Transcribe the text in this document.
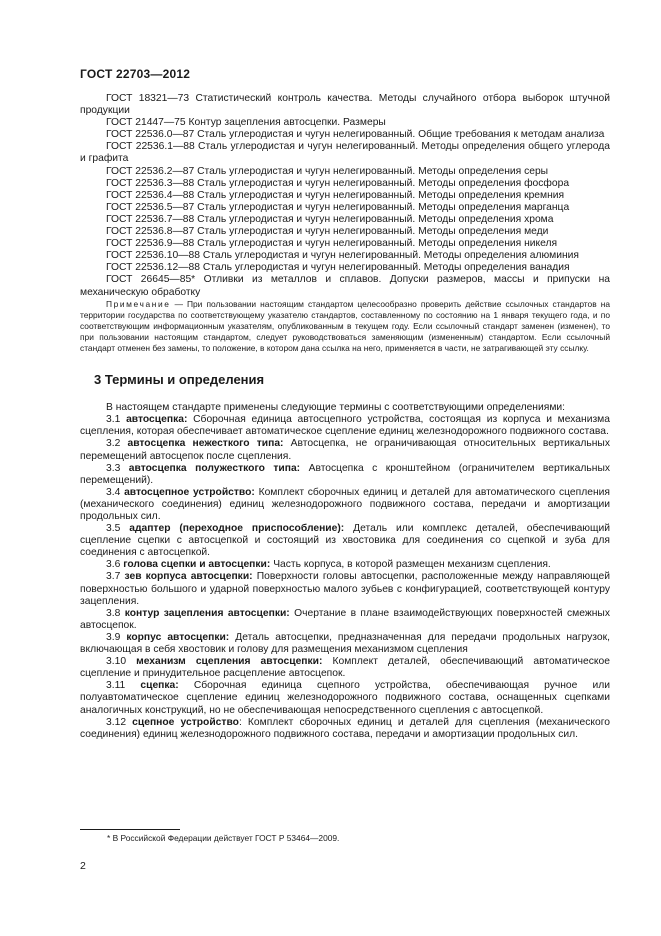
ГОСТ 22703—2012

ГОСТ 18321—73 Статистический контроль качества. Методы случайного отбора выборок штучной продукции

ГОСТ 21447—75 Контур зацепления автосцепки. Размеры

ГОСТ 22536.0—87 Сталь углеродистая и чугун нелегированный. Общие требования к методам анализа

ГОСТ 22536.1—88 Сталь углеродистая и чугун нелегированный. Методы определения общего углерода и графита

ГОСТ 22536.2—87 Сталь углеродистая и чугун нелегированный. Методы определения серы

ГОСТ 22536.3—88 Сталь углеродистая и чугун нелегированный. Методы определения фосфора

ГОСТ 22536.4—88 Сталь углеродистая и чугун нелегированный. Методы определения кремния

ГОСТ 22536.5—87 Сталь углеродистая и чугун нелегированный. Методы определения марганца

ГОСТ 22536.7—88 Сталь углеродистая и чугун нелегированный. Методы определения хрома

ГОСТ 22536.8—87 Сталь углеродистая и чугун нелегированный. Методы определения меди

ГОСТ 22536.9—88 Сталь углеродистая и чугун нелегированный. Методы определения никеля

ГОСТ 22536.10—88 Сталь углеродистая и чугун нелегированный. Методы определения алюминия

ГОСТ 22536.12—88 Сталь углеродистая и чугун нелегированный. Методы определения ванадия

ГОСТ 26645—85* Отливки из металлов и сплавов. Допуски размеров, массы и припуски на механическую обработку

Примечание — При пользовании настоящим стандартом целесообразно проверить действие ссылочных стандартов на территории государства по соответствующему указателю стандартов, составленному по состоянию на 1 января текущего года, и по соответствующим информационным указателям, опубликованным в текущем году. Если ссылочный стандарт заменен (изменен), то при пользовании настоящим стандартом, следует руководствоваться заменяющим (измененным) стандартом. Если ссылочный стандарт отменен без замены, то положение, в котором дана ссылка на него, применяется в части, не затрагивающей эту ссылку.

3 Термины и определения

В настоящем стандарте применены следующие термины с соответствующими определениями:

3.1 автосцепка: Сборочная единица автосцепного устройства, состоящая из корпуса и механизма сцепления, которая обеспечивает автоматическое сцепление единиц железнодорожного подвижного состава.

3.2 автосцепка нежесткого типа: Автосцепка, не ограничивающая относительных вертикальных перемещений автосцепок после сцепления.

3.3 автосцепка полужесткого типа: Автосцепка с кронштейном (ограничителем вертикальных перемещений).

3.4 автосцепное устройство: Комплект сборочных единиц и деталей для автоматического сцепления (механического соединения) единиц железнодорожного подвижного состава, передачи и амортизации продольных сил.

3.5 адаптер (переходное приспособление): Деталь или комплекс деталей, обеспечивающий сцепление сцепки с автосцепкой и состоящий из хвостовика для соединения со сцепкой и зуба для соединения с автосцепкой.

3.6 голова сцепки и автосцепки: Часть корпуса, в которой размещен механизм сцепления.

3.7 зев корпуса автосцепки: Поверхности головы автосцепки, расположенные между направляющей поверхностью большого и ударной поверхностью малого зубьев с конфигурацией, соответствующей контуру зацепления.

3.8 контур зацепления автосцепки: Очертание в плане взаимодействующих поверхностей смежных автосцепок.

3.9 корпус автосцепки: Деталь автосцепки, предназначенная для передачи продольных нагрузок, включающая в себя хвостовик и голову для размещения механизмом сцепления

3.10 механизм сцепления автосцепки: Комплект деталей, обеспечивающий автоматическое сцепление и принудительное расцепление автосцепок.

3.11 сцепка: Сборочная единица сцепного устройства, обеспечивающая ручное или полуавтоматическое сцепление единиц железнодорожного подвижного состава, оснащенных сцепками аналогичных конструкций, но не обеспечивающая непосредственного сцепления с автосцепкой.

3.12 сцепное устройство: Комплект сборочных единиц и деталей для сцепления (механического соединения) единиц железнодорожного подвижного состава, передачи и амортизации продольных сил.

* В Российской Федерации действует ГОСТ Р 53464—2009.
2
